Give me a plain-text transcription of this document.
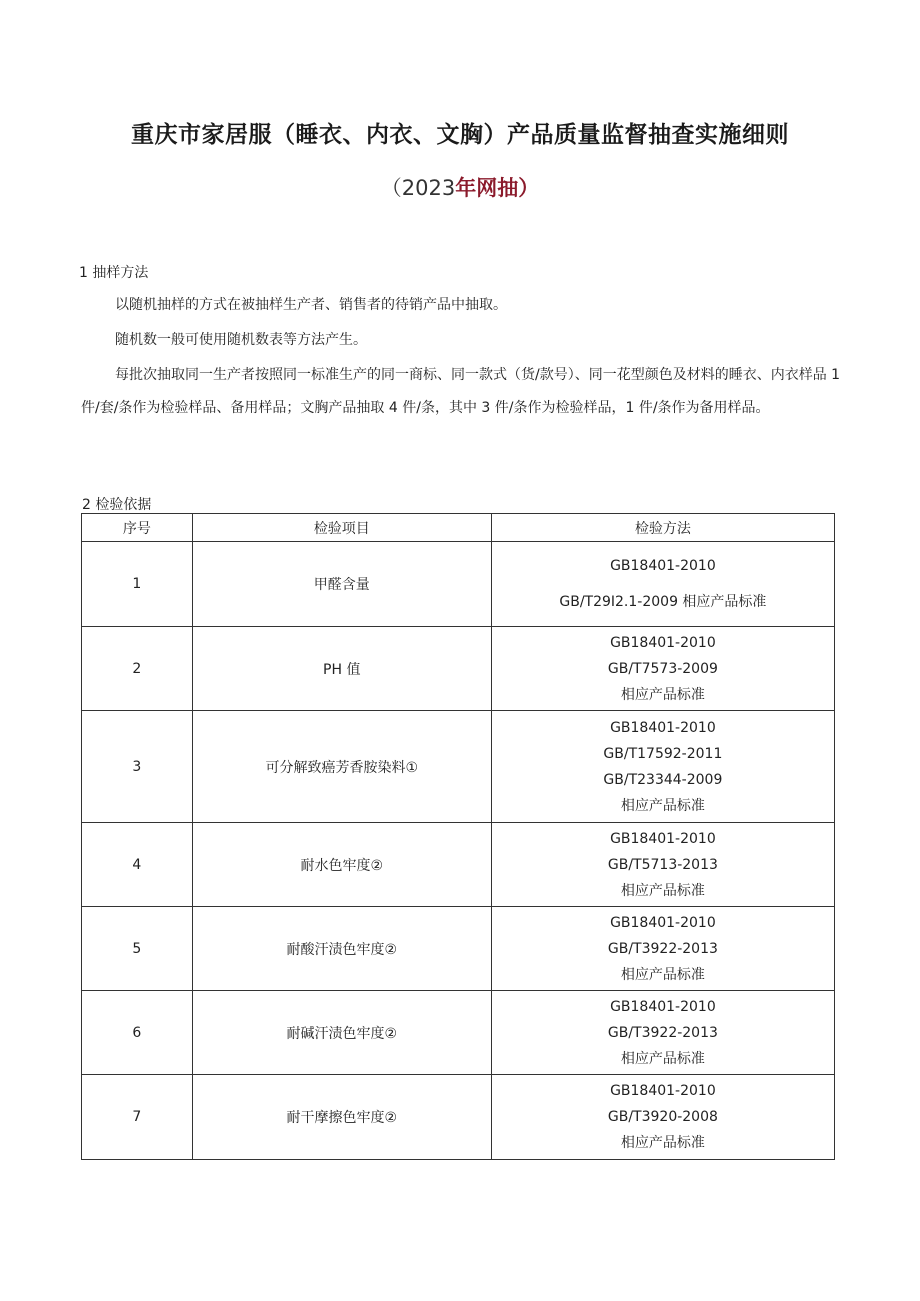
重庆市家居服（睡衣、内衣、文胸）产品质量监督抽查实施细则
（2023年网抽）
1 抽样方法
以随机抽样的方式在被抽样生产者、销售者的待销产品中抽取。
随机数一般可使用随机数表等方法产生。
每批次抽取同一生产者按照同一标准生产的同一商标、同一款式（货/款号）、同一花型颜色及材料的睡衣、内衣样品 1 件/套/条作为检验样品、备用样品；文胸产品抽取 4 件/条，其中 3 件/条作为检验样品，1 件/条作为备用样品。
2 检验依据
序号	检验项目	检验方法
1	甲醛含量	GB18401-2010
GB/T29I2.1-2009 相应产品标准

2	PH 值	GB18401-2010
GB/T7573-2009
相应产品标准

3	可分解致癌芳香胺染料①	GB18401-2010
GB/T17592-2011
GB/T23344-2009
相应产品标准

4	耐水色牢度②	GB18401-2010
GB/T5713-2013
相应产品标准

5	耐酸汗渍色牢度②	GB18401-2010
GB/T3922-2013
相应产品标准

6	耐碱汗渍色牢度②	GB18401-2010
GB/T3922-2013
相应产品标准

7	耐干摩擦色牢度②	GB18401-2010
GB/T3920-2008
相应产品标准
